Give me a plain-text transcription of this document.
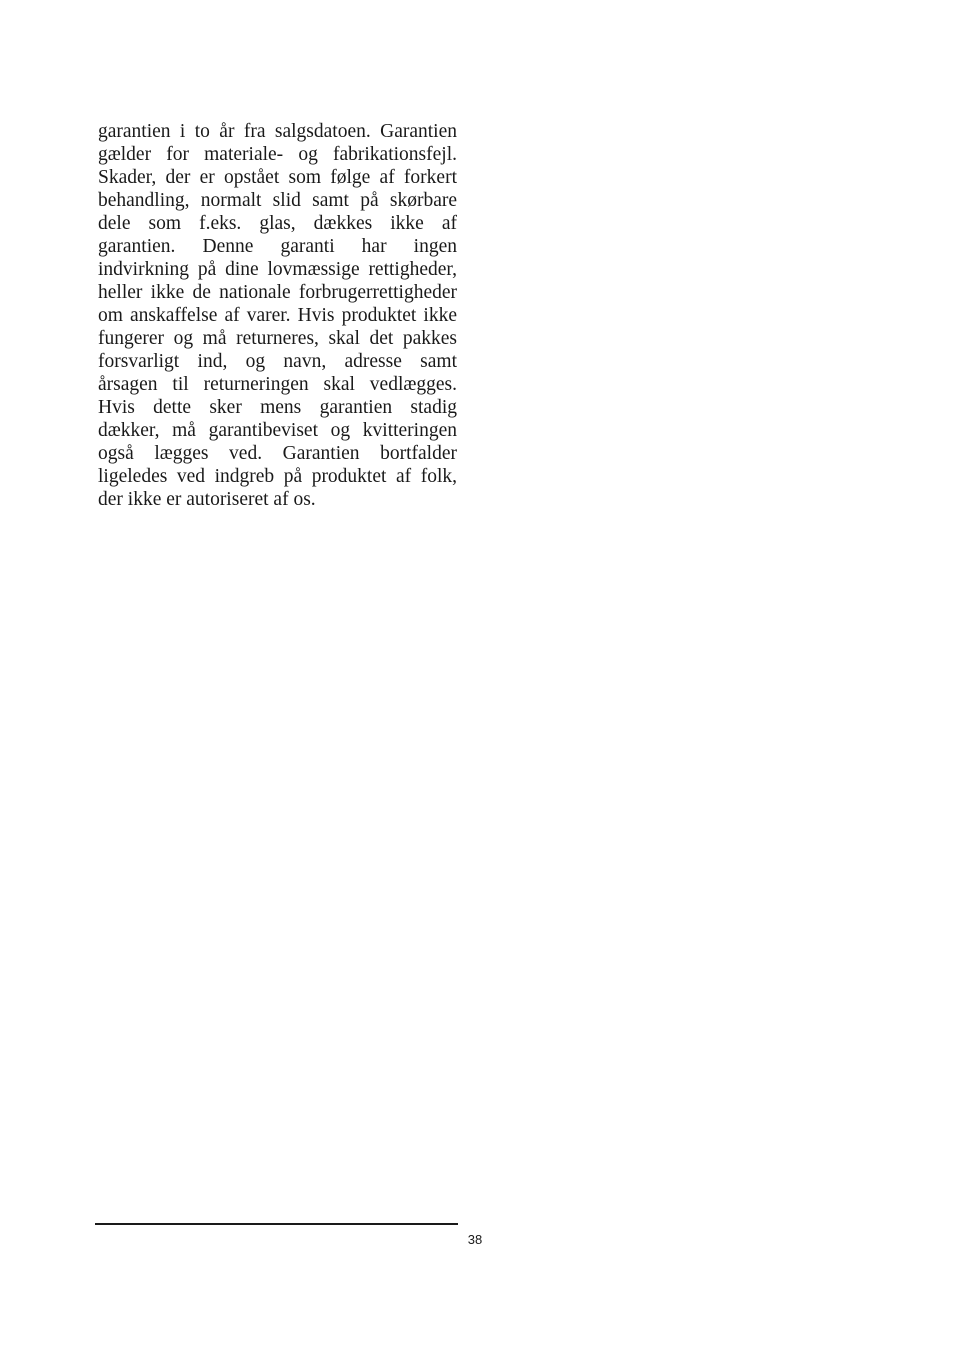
garantien i to år fra salgsdatoen. Garantien
gælder for materiale- og fabrikationsfejl.
Skader, der er opstået som følge af forkert
behandling, normalt slid samt på skørbare
dele som f.eks. glas, dækkes ikke af
garantien. Denne garanti har ingen
indvirkning på dine lovmæssige rettigheder,
heller ikke de nationale forbrugerrettigheder
om anskaffelse af varer. Hvis produktet ikke
fungerer og må returneres, skal det pakkes
forsvarligt ind, og navn, adresse samt
årsagen til returneringen skal vedlægges.
Hvis dette sker mens garantien stadig
dækker, må garantibeviset og kvitteringen
også lægges ved. Garantien bortfalder
ligeledes ved indgreb på produktet af folk,
der ikke er autoriseret af os.
38
